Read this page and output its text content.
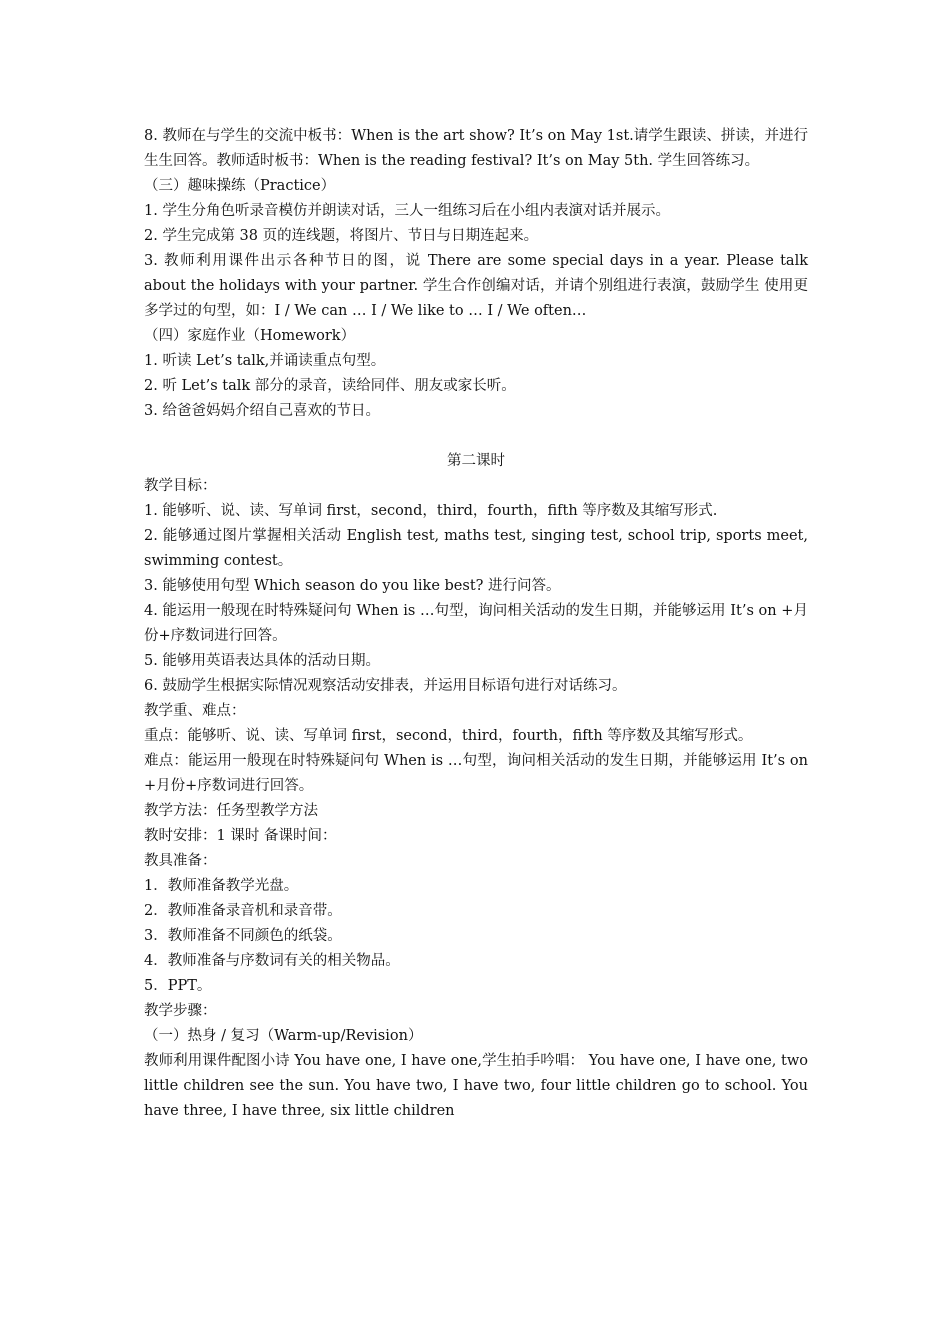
8. 教师在与学生的交流中板书：When is the art show? It’s on May 1st.请学生跟读、拼读，并进行生生回答。教师适时板书：When is the reading festival? It’s on May 5th. 学生回答练习。

（三）趣味操练（Practice）

1. 学生分角色听录音模仿并朗读对话，三人一组练习后在小组内表演对话并展示。

2. 学生完成第 38 页的连线题，将图片、节日与日期连起来。

3. 教师利用课件出示各种节日的图，说 There are some special days in a year. Please talk about the holidays with your partner. 学生合作创编对话，并请个别组进行表演，鼓励学生 使用更多学过的句型，如：I / We can … I / We like to … I / We often…

（四）家庭作业（Homework）

1. 听读 Let’s talk,并诵读重点句型。

2. 听 Let’s talk 部分的录音，读给同伴、朋友或家长听。

3. 给爸爸妈妈介绍自己喜欢的节日。

第二课时

教学目标：

1. 能够听、说、读、写单词 first，second，third，fourth，fifth 等序数及其缩写形式.

2. 能够通过图片掌握相关活动 English test, maths test, singing test, school trip, sports meet, swimming contest。

3. 能够使用句型 Which season do you like best? 进行问答。

4. 能运用一般现在时特殊疑问句 When is …句型，询问相关活动的发生日期，并能够运用 It’s on +月份+序数词进行回答。

5. 能够用英语表达具体的活动日期。

6. 鼓励学生根据实际情况观察活动安排表，并运用目标语句进行对话练习。

教学重、难点：

重点：能够听、说、读、写单词 first，second，third，fourth，fifth 等序数及其缩写形式。

难点：能运用一般现在时特殊疑问句 When is …句型，询问相关活动的发生日期，并能够运用 It’s on +月份+序数词进行回答。

教学方法：任务型教学方法

教时安排：1 课时 备课时间：

教具准备：

1．教师准备教学光盘。

2．教师准备录音机和录音带。

3．教师准备不同颜色的纸袋。

4．教师准备与序数词有关的相关物品。

5．PPT。

教学步骤：

（一）热身 / 复习（Warm-up/Revision）

教师利用课件配图小诗 You have one, I have one,学生拍手吟唱： You have one, I have one, two little children see the sun. You have two, I have two, four little children go to school. You have three, I have three, six little children
